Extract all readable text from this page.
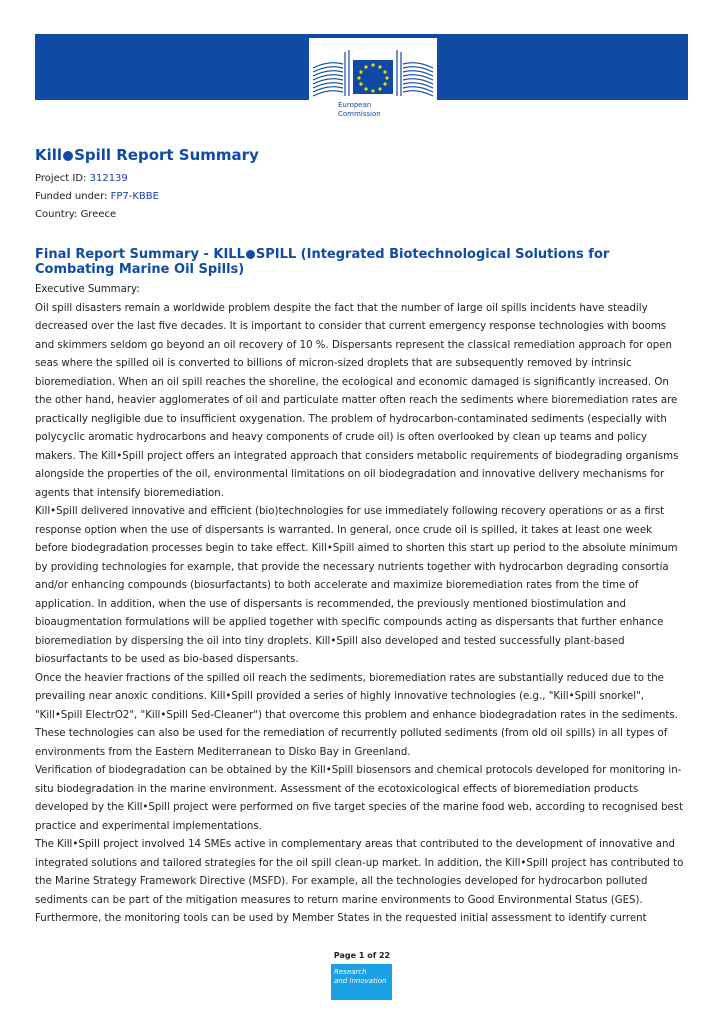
European
Commission
Kill Spill Report Summary
Project ID: 312139
Funded under: FP7-KBBE
Country: Greece
Final Report Summary - KILL SPILL (Integrated Biotechnological Solutions for Combating Marine Oil Spills)

Executive Summary:

Oil spill disasters remain a worldwide problem despite the fact that the number of large oil spills incidents have steadily decreased over the last five decades. It is important to consider that current emergency response technologies with booms and skimmers seldom go beyond an oil recovery of 10 %. Dispersants represent the classical remediation approach for open seas where the spilled oil is converted to billions of micron-sized droplets that are subsequently removed by intrinsic bioremediation. When an oil spill reaches the shoreline, the ecological and economic damaged is significantly increased. On the other hand, heavier agglomerates of oil and particulate matter often reach the sediments where bioremediation rates are practically negligible due to insufficient oxygenation. The problem of hydrocarbon-contaminated sediments (especially with polycyclic aromatic hydrocarbons and heavy components of crude oil) is often overlooked by clean up teams and policy makers. The Kill•Spill project offers an integrated approach that considers metabolic requirements of biodegrading organisms alongside the properties of the oil, environmental limitations on oil biodegradation and innovative delivery mechanisms for agents that intensify bioremediation.

Kill•Spill delivered innovative and efficient (bio)technologies for use immediately following recovery operations or as a first response option when the use of dispersants is warranted. In general, once crude oil is spilled, it takes at least one week before biodegradation processes begin to take effect. Kill•Spill aimed to shorten this start up period to the absolute minimum by providing technologies for example, that provide the necessary nutrients together with hydrocarbon degrading consortia and/or enhancing compounds (biosurfactants) to both accelerate and maximize bioremediation rates from the time of application. In addition, when the use of dispersants is recommended, the previously mentioned biostimulation and bioaugmentation formulations will be applied together with specific compounds acting as dispersants that further enhance bioremediation by dispersing the oil into tiny droplets. Kill•Spill also developed and tested successfully plant-based biosurfactants to be used as bio-based dispersants.

Once the heavier fractions of the spilled oil reach the sediments, bioremediation rates are substantially reduced due to the prevailing near anoxic conditions. Kill•Spill provided a series of highly innovative technologies (e.g., "Kill•Spill snorkel", "Kill•Spill ElectrO2", "Kill•Spill Sed-Cleaner") that overcome this problem and enhance biodegradation rates in the sediments. These technologies can also be used for the remediation of recurrently polluted sediments (from old oil spills) in all types of environments from the Eastern Mediterranean to Disko Bay in Greenland.

Verification of biodegradation can be obtained by the Kill•Spill biosensors and chemical protocols developed for monitoring in-situ biodegradation in the marine environment. Assessment of the ecotoxicological effects of bioremediation products developed by the Kill•Spill project were performed on five target species of the marine food web, according to recognised best practice and experimental implementations.

The Kill•Spill project involved 14 SMEs active in complementary areas that contributed to the development of innovative and integrated solutions and tailored strategies for the oil spill clean-up market. In addition, the Kill•Spill project has contributed to the Marine Strategy Framework Directive (MSFD). For example, all the technologies developed for hydrocarbon polluted sediments can be part of the mitigation measures to return marine environments to Good Environmental Status (GES). Furthermore, the monitoring tools can be used by Member States in the requested initial assessment to identify current

Page 1 of 22
Research
and Innovation
